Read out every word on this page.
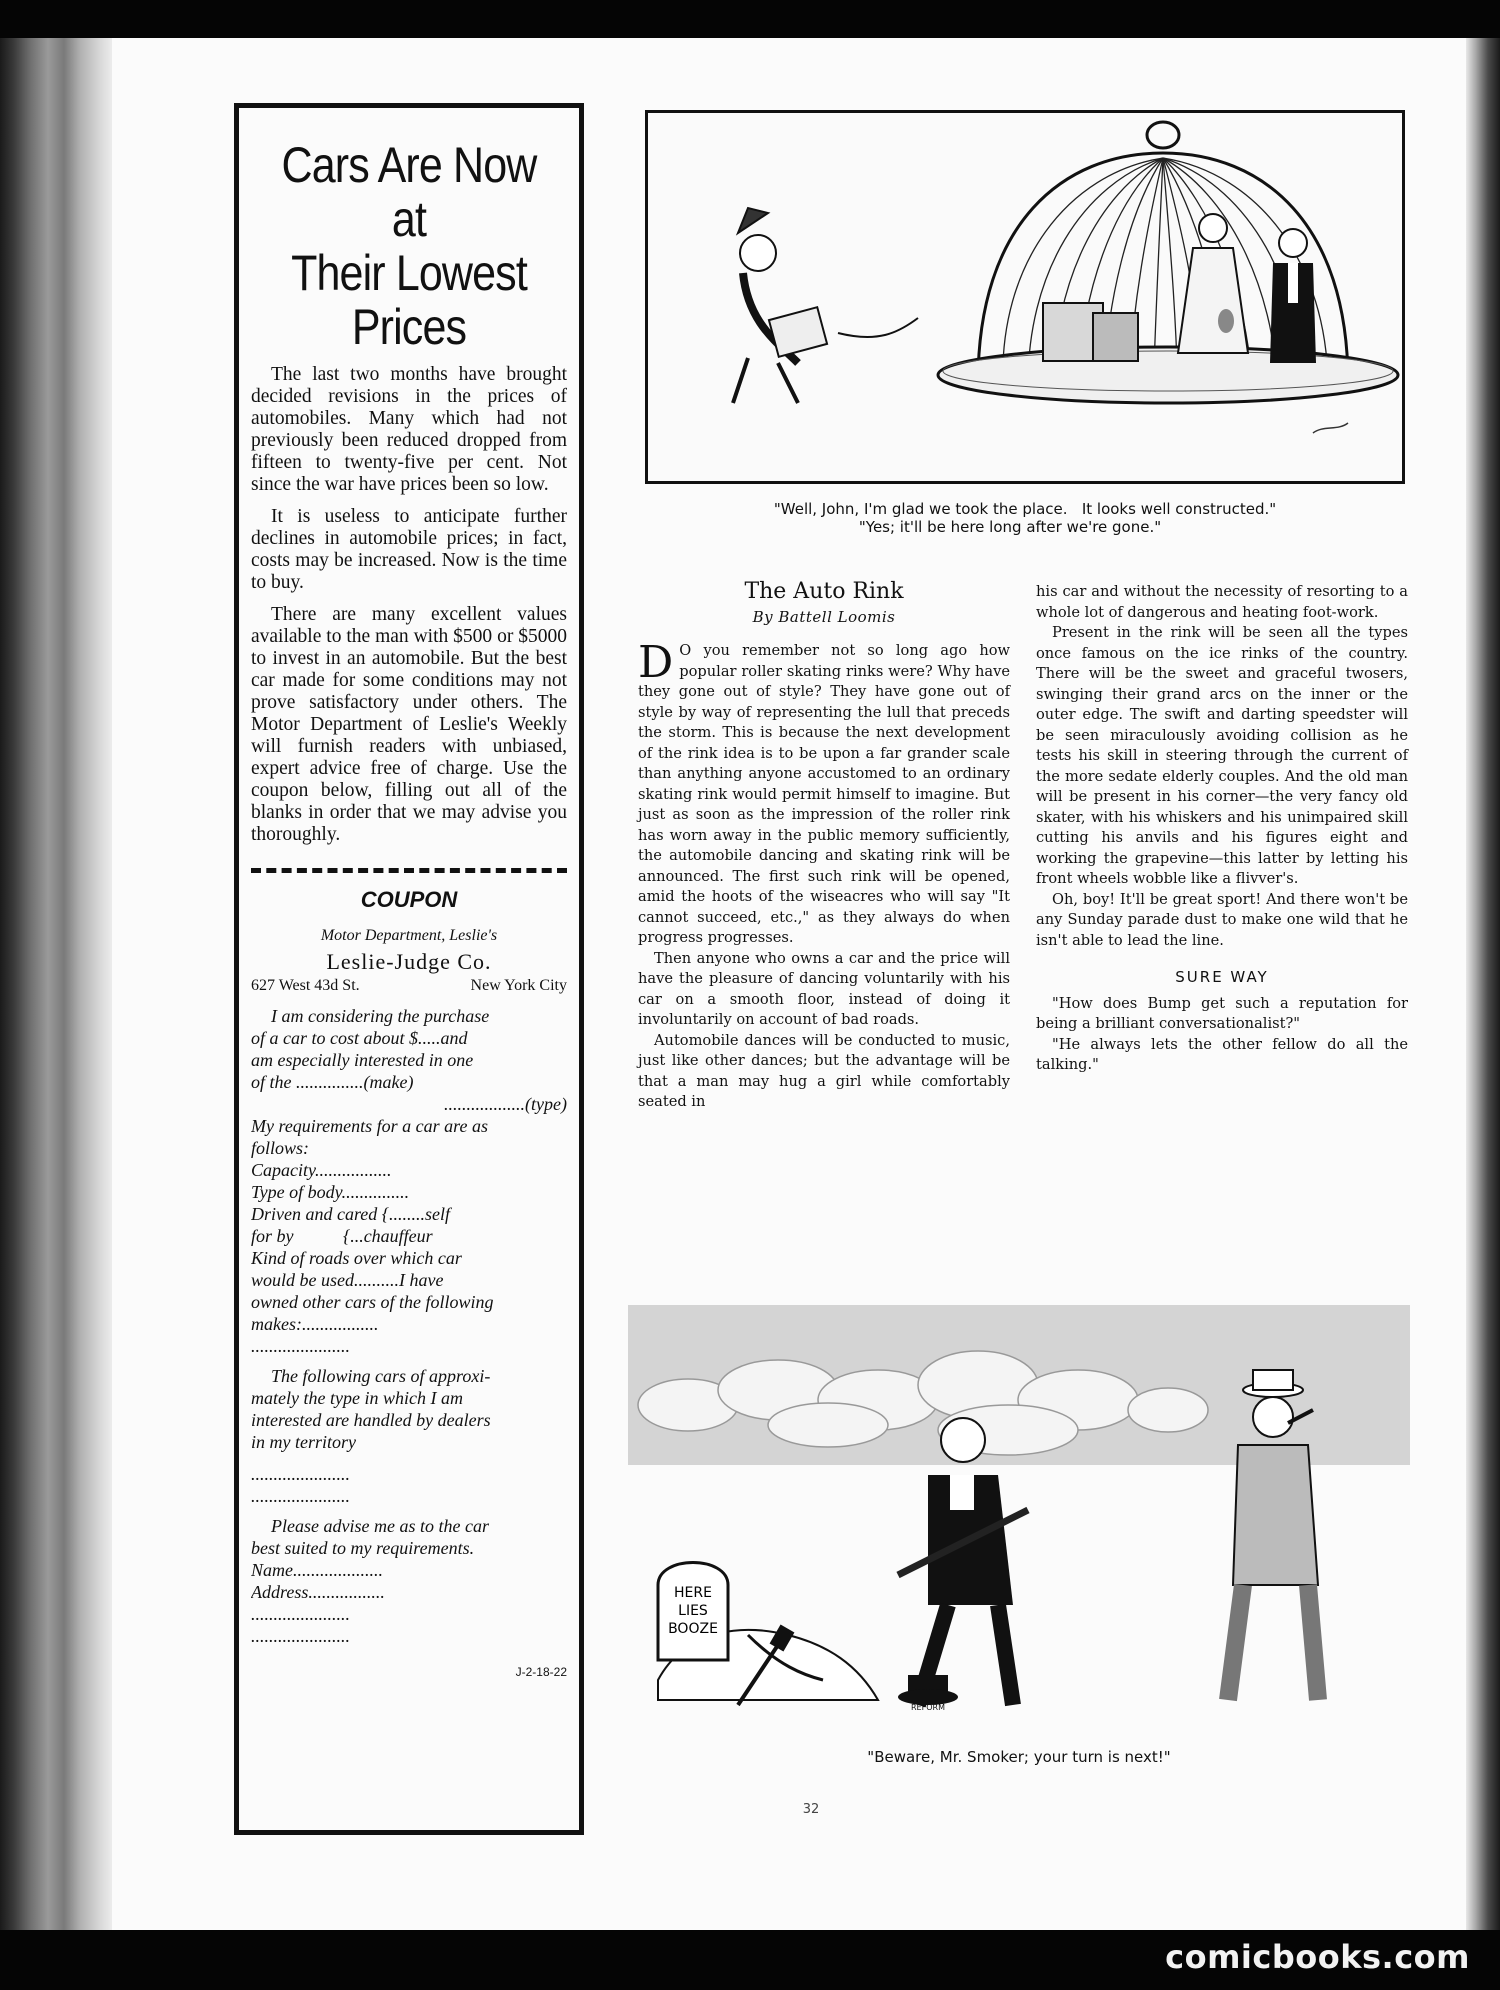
comicbooks.com
Cars Are Now at
Their Lowest Prices

The last two months have brought decided revisions in the prices of automobiles. Many which had not previously been reduced dropped from fifteen to twenty-five per cent. Not since the war have prices been so low.

It is useless to anticipate further declines in automobile prices; in fact, costs may be increased. Now is the time to buy.

There are many excellent values available to the man with $500 or $5000 to invest in an automobile. But the best car made for some conditions may not prove satisfactory under others. The Motor Department of Leslie's Weekly will furnish readers with unbiased, expert advice free of charge. Use the coupon below, filling out all of the blanks in order that we may advise you thoroughly.

COUPON
Motor Department, Leslie's
Leslie-Judge Co.
627 West 43d St.	New York City
I am considering the purchase
of a car to cost about $.....and
am especially interested in one
of the ...............(make)
..................(type)
My requirements for a car are as
follows:
Capacity.................
Type of body...............
Driven and cared {........self
for by           {...chauffeur
Kind of roads over which car
would be used..........I have
owned other cars of the following
makes:.................
......................
The following cars of approxi-
mately the type in which I am
interested are handled by dealers
in my territory
......................
......................
Please advise me as to the car
best suited to my requirements.
Name....................
Address.................
......................
......................
J-2-18-22
"Well, John, I'm glad we took the place.   It looks well constructed."
"Yes; it'll be here long after we're gone."
The Auto Rink
By Battell Loomis

D O you remember not so long ago how popular roller skating rinks were? Why have they gone out of style? They have gone out of style by way of representing the lull that preceds the storm. This is because the next development of the rink idea is to be upon a far grander scale than anything anyone accustomed to an ordinary skating rink would permit himself to imagine. But just as soon as the impression of the roller rink has worn away in the public memory sufficiently, the automobile dancing and skating rink will be announced. The first such rink will be opened, amid the hoots of the wiseacres who will say "It cannot succeed, etc.," as they always do when progress progresses.

Then anyone who owns a car and the price will have the pleasure of dancing voluntarily with his car on a smooth floor, instead of doing it involuntarily on account of bad roads.

Automobile dances will be conducted to music, just like other dances; but the advantage will be that a man may hug a girl while comfortably seated in

his car and without the necessity of resorting to a whole lot of dangerous and heating foot-work.

Present in the rink will be seen all the types once famous on the ice rinks of the country. There will be the sweet and graceful twosers, swinging their grand arcs on the inner or the outer edge. The swift and darting speedster will be seen miraculously avoiding collision as he tests his skill in steering through the current of the more sedate elderly couples. And the old man will be present in his corner—the very fancy old skater, with his whiskers and his unimpaired skill cutting his anvils and his figures eight and working the grapevine—this latter by letting his front wheels wobble like a flivver's.

Oh, boy! It'll be great sport! And there won't be any Sunday parade dust to make one wild that he isn't able to lead the line.

SURE WAY

"How does Bump get such a reputation for being a brilliant conversationalist?"

"He always lets the other fellow do all the talking."

HERE
LIES
BOOZE
REFORM
"Beware, Mr. Smoker; your turn is next!"
32
